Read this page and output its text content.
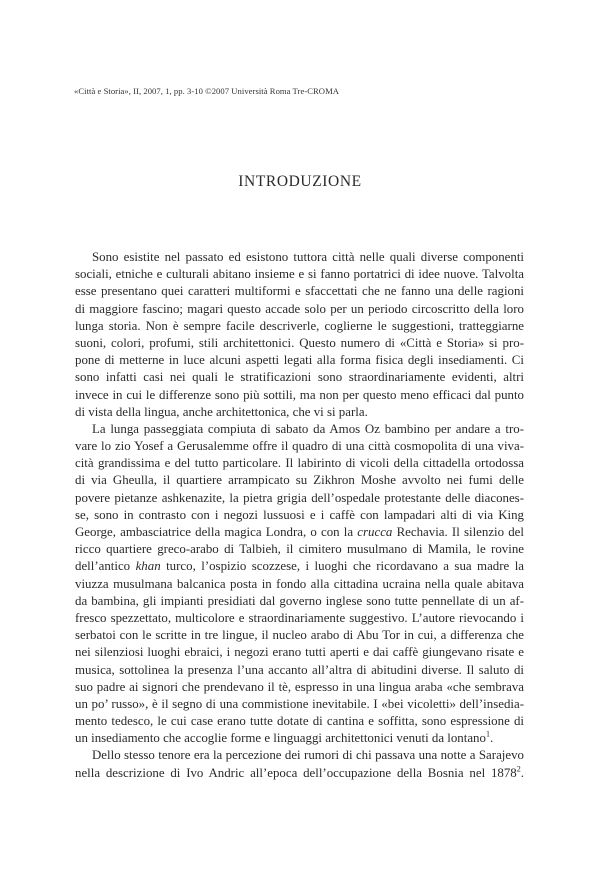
«Città e Storia», II, 2007, 1, pp. 3-10 ©2007 Università Roma Tre-CROMA
INTRODUZIONE
Sono esistite nel passato ed esistono tuttora città nelle quali diverse componenti
sociali, etniche e culturali abitano insieme e si fanno portatrici di idee nuove. Talvolta
esse presentano quei caratteri multiformi e sfaccettati che ne fanno una delle ragioni
di maggiore fascino; magari questo accade solo per un periodo circoscritto della loro
lunga storia. Non è sempre facile descriverle, coglierne le suggestioni, tratteggiarne
suoni, colori, profumi, stili architettonici. Questo numero di «Città e Storia» si pro-
pone di metterne in luce alcuni aspetti legati alla forma fisica degli insediamenti. Ci
sono infatti casi nei quali le stratificazioni sono straordinariamente evidenti, altri
invece in cui le differenze sono più sottili, ma non per questo meno efficaci dal punto
di vista della lingua, anche architettonica, che vi si parla.
La lunga passeggiata compiuta di sabato da Amos Oz bambino per andare a tro-
vare lo zio Yosef a Gerusalemme offre il quadro di una città cosmopolita di una viva-
cità grandissima e del tutto particolare. Il labirinto di vicoli della cittadella ortodossa
di via Gheulla, il quartiere arrampicato su Zikhron Moshe avvolto nei fumi delle
povere pietanze ashkenazite, la pietra grigia dell’ospedale protestante delle diacones-
se, sono in contrasto con i negozi lussuosi e i caffè con lampadari alti di via King
George, ambasciatrice della magica Londra, o con la crucca Rechavia. Il silenzio del
ricco quartiere greco-arabo di Talbieh, il cimitero musulmano di Mamila, le rovine
dell’antico khan turco, l’ospizio scozzese, i luoghi che ricordavano a sua madre la
viuzza musulmana balcanica posta in fondo alla cittadina ucraina nella quale abitava
da bambina, gli impianti presidiati dal governo inglese sono tutte pennellate di un af-
fresco spezzettato, multicolore e straordinariamente suggestivo. L’autore rievocando i
serbatoi con le scritte in tre lingue, il nucleo arabo di Abu Tor in cui, a differenza che
nei silenziosi luoghi ebraici, i negozi erano tutti aperti e dai caffè giungevano risate e
musica, sottolinea la presenza l’una accanto all’altra di abitudini diverse. Il saluto di
suo padre ai signori che prendevano il tè, espresso in una lingua araba «che sembrava
un po’ russo», è il segno di una commistione inevitabile. I «bei vicoletti» dell’insedia-
mento tedesco, le cui case erano tutte dotate di cantina e soffitta, sono espressione di
un insediamento che accoglie forme e linguaggi architettonici venuti da lontano$^1$.
Dello stesso tenore era la percezione dei rumori di chi passava una notte a Sarajevo
nella descrizione di Ivo Andric all’epoca dell’occupazione della Bosnia nel 1878$^2$.
